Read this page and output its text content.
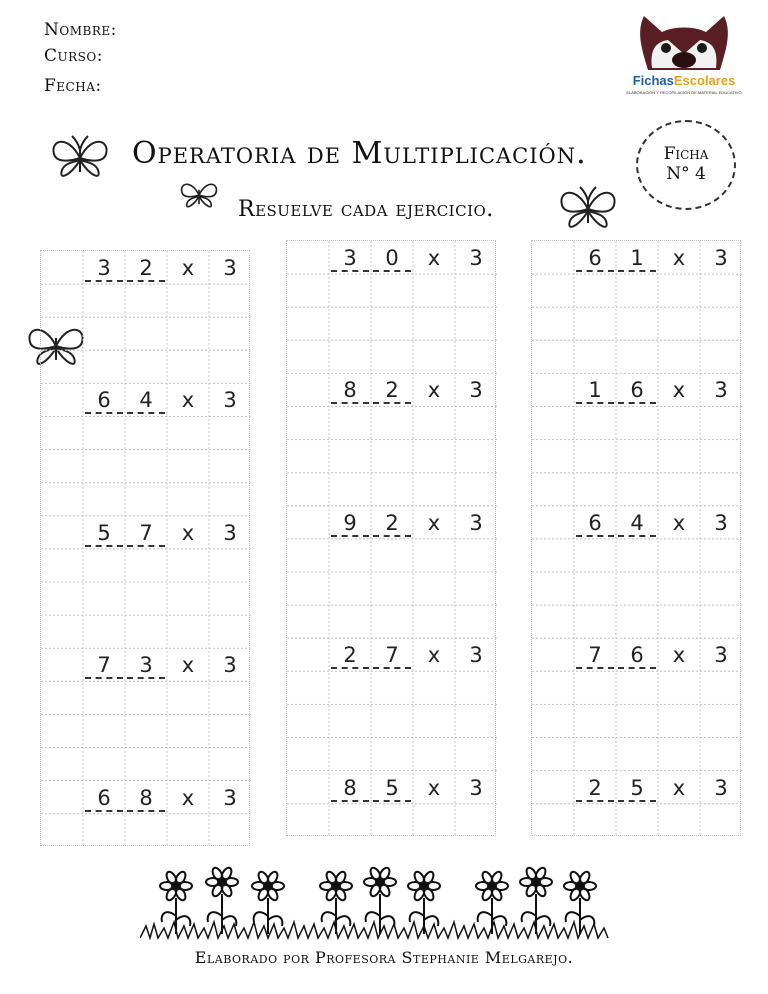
Nombre:
Curso:
Fecha:	FichasEscolares
ELABORACIÓN Y RECOPILACIÓN DE MATERIAL EDUCATIVO
Operatoria de Multiplicación.
Resuelve cada ejercicio.
Ficha
N° 4
3	2	x	3
6	4	x	3
5	7	x	3
7	3	x	3
6	8	x	3
3	0	x	3
8	2	x	3
9	2	x	3
2	7	x	3
8	5	x	3
6	1	x	3
1	6	x	3
6	4	x	3
7	6	x	3
2	5	x	3
Elaborado por Profesora Stephanie Melgarejo.
